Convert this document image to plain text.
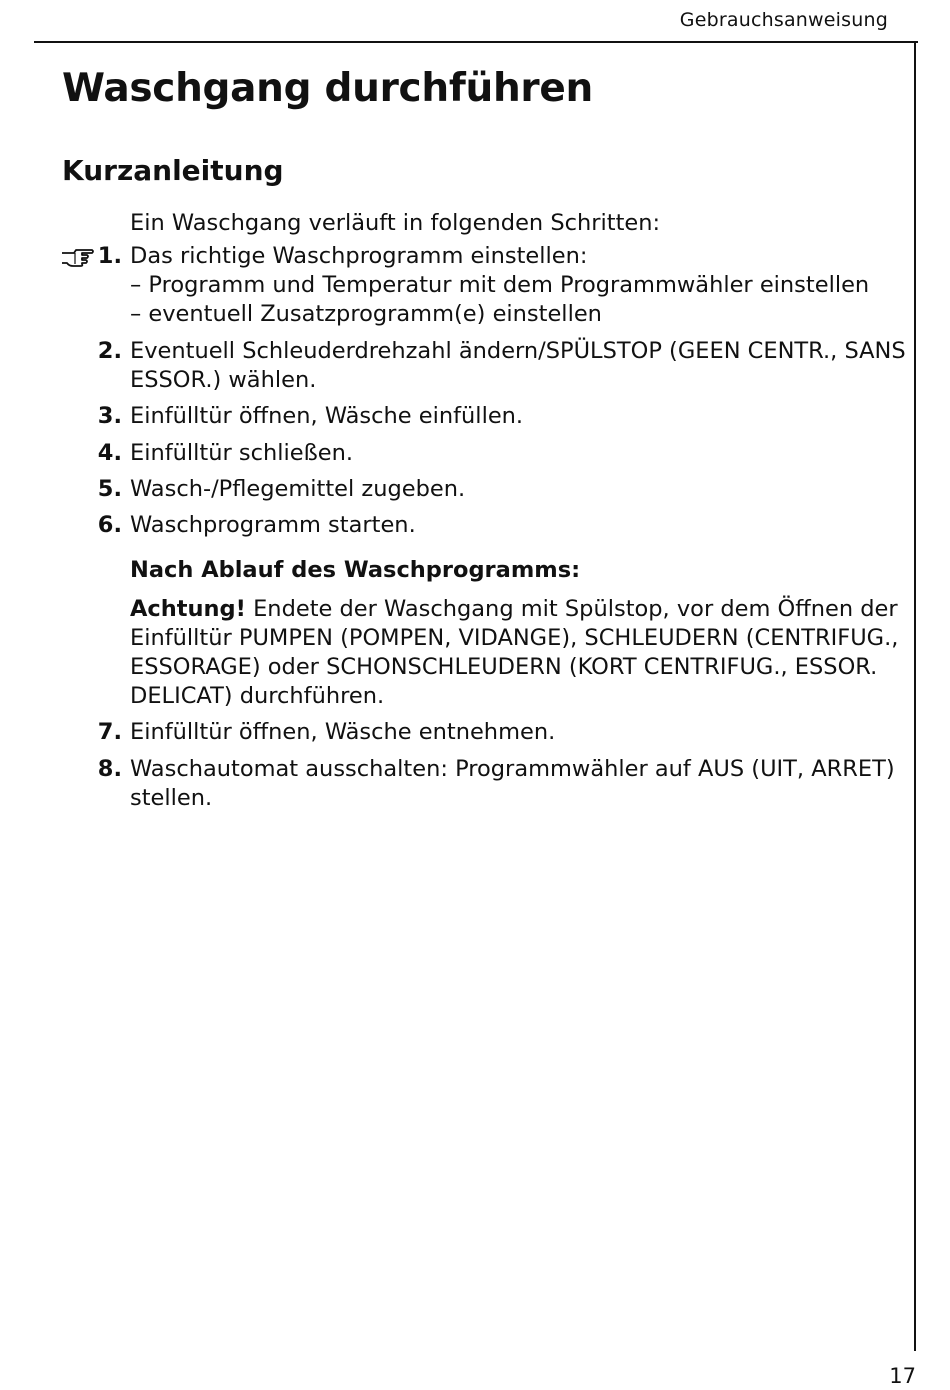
Gebrauchsanweisung
Waschgang durchführen
Kurzanleitung
Ein Waschgang verläuft in folgenden Schritten:
1. Das richtige Waschprogramm einstellen:
– Programm und Temperatur mit dem Programmwähler einstellen
– eventuell Zusatzprogramm(e) einstellen
2. Eventuell Schleuderdrehzahl ändern/SPÜLSTOP (GEEN CENTR., SANS
ESSOR.) wählen.
3. Einfülltür öffnen, Wäsche einfüllen.
4. Einfülltür schließen.
5. Wasch-/Pflegemittel zugeben.
6. Waschprogramm starten.
Nach Ablauf des Waschprogramms:
Achtung! Endete der Waschgang mit Spülstop, vor dem Öffnen der
Einfülltür PUMPEN (POMPEN, VIDANGE), SCHLEUDERN (CENTRIFUG.,
ESSORAGE) oder SCHONSCHLEUDERN (KORT CENTRIFUG., ESSOR.
DELICAT) durchführen.
7. Einfülltür öffnen, Wäsche entnehmen.
8. Waschautomat ausschalten: Programmwähler auf AUS (UIT, ARRET)
stellen.
17
